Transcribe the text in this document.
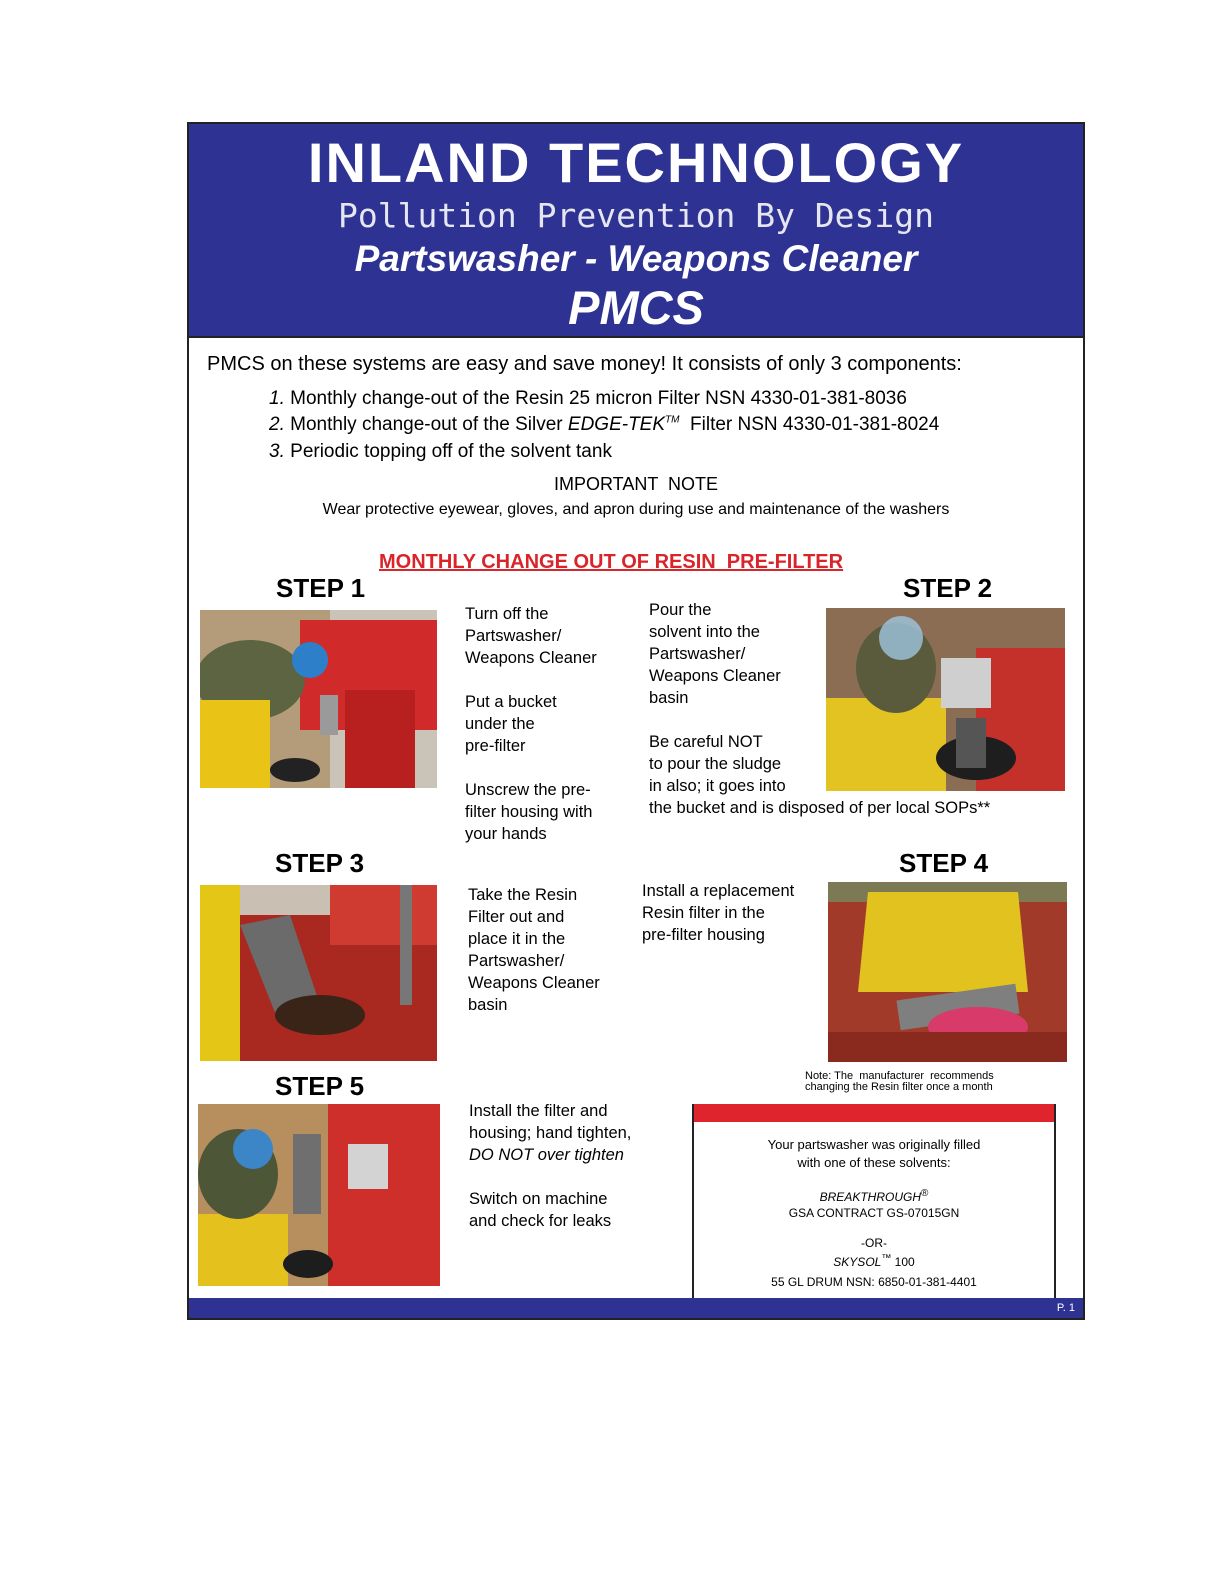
INLAND TECHNOLOGY
Pollution Prevention By Design
Partswasher - Weapons Cleaner
PMCS
PMCS on these systems are easy and save money! It consists of only 3 components:
1. Monthly change-out of the Resin 25 micron Filter NSN 4330-01-381-8036
2. Monthly change-out of the Silver EDGE-TEK™  Filter NSN 4330-01-381-8024
3. Periodic topping off of the solvent tank
IMPORTANT  NOTE
Wear protective eyewear, gloves, and apron during use and maintenance of the washers
MONTHLY CHANGE OUT OF RESIN  PRE-FILTER
STEP 1
Turn off the
Partswasher/
Weapons Cleaner
Put a bucket
under the
pre-filter
Unscrew the pre-
filter housing with
your hands
STEP 2
Pour the
solvent into the
Partswasher/
Weapons Cleaner
basin
Be careful NOT
to pour the sludge
in also; it goes into
the bucket and is disposed of per local SOPs**
STEP 3
Take the Resin
Filter out and
place it in the
Partswasher/
Weapons Cleaner
basin
STEP 4
Install a replacement
Resin filter in the
pre-filter housing
Note: The  manufacturer  recommends
changing the Resin filter once a month
STEP 5
Install the filter and
housing; hand tighten,
DO NOT over tighten
Switch on machine
and check for leaks
Your partswasher was originally filled
with one of these solvents:
BREAKTHROUGH®
GSA CONTRACT GS-07015GN
-OR-
SKYSOL™ 100
55 GL DRUM NSN: 6850-01-381-4401
P. 1
